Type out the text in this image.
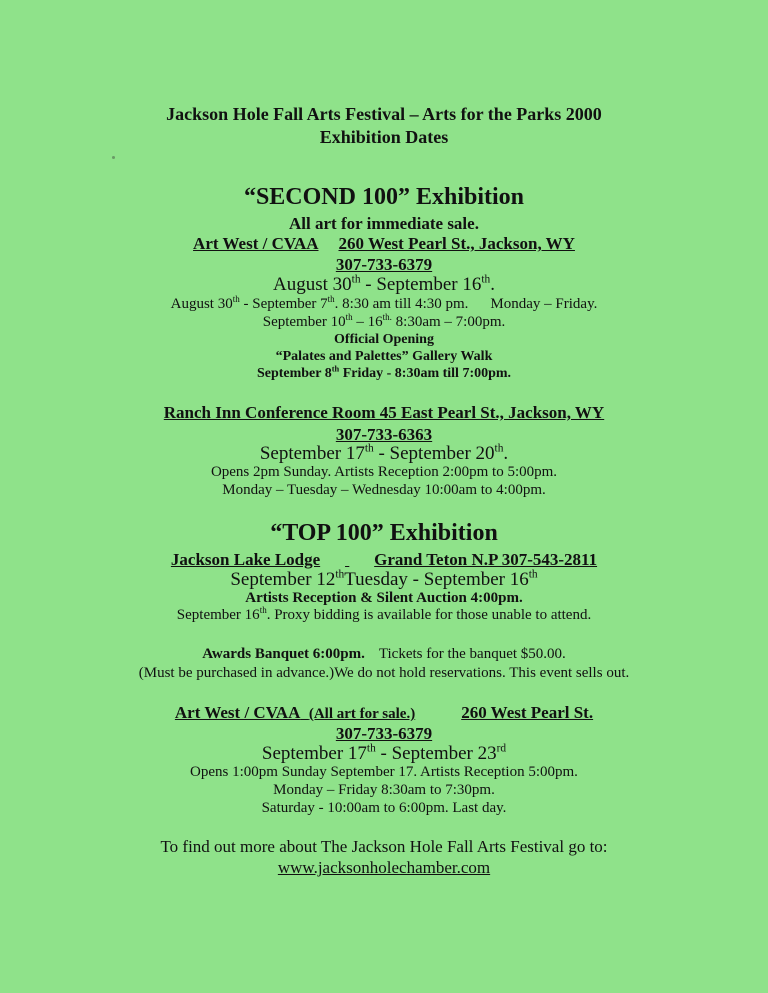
Jackson Hole Fall Arts Festival – Arts for the Parks 2000
Exhibition Dates
“SECOND 100” Exhibition
All art for immediate sale.
Art West / CVAA 260 West Pearl St., Jackson, WY
307-733-6379
August 30th - September 16th.
August 30th - September 7th. 8:30 am till 4:30 pm. Monday – Friday.
September $10th - 16^{th.}$ 8:30am – 7:00pm.
Official Opening
“Palates and Palettes” Gallery Walk
September 8th Friday - 8:30am till 7:00pm.
Ranch Inn Conference Room 45 East Pearl St., Jackson, WY
307-733-6363
September 17th - September 20th.
Opens 2pm Sunday. Artists Reception 2:00pm to 5:00pm.
Monday – Tuesday – Wednesday 10:00am to 4:00pm.
“TOP 100” Exhibition
Jackson Lake Lodge	Grand Teton N.P 307-543-2811
September 12thTuesday - September 16th
Artists Reception & Silent Auction 4:00pm.
September 16th. Proxy bidding is available for those unable to attend.
Awards Banquet 6:00pm. Tickets for the banquet $50.00.
(Must be purchased in advance.)We do not hold reservations. This event sells out.
Art West / CVAA (All art for sale.)	260 West Pearl St.
307-733-6379
September 17th - September 23rd
Opens 1:00pm Sunday September 17. Artists Reception 5:00pm.
Monday – Friday 8:30am to 7:30pm.
Saturday - 10:00am to 6:00pm. Last day.
To find out more about The Jackson Hole Fall Arts Festival go to:
www.jacksonholechamber.com
